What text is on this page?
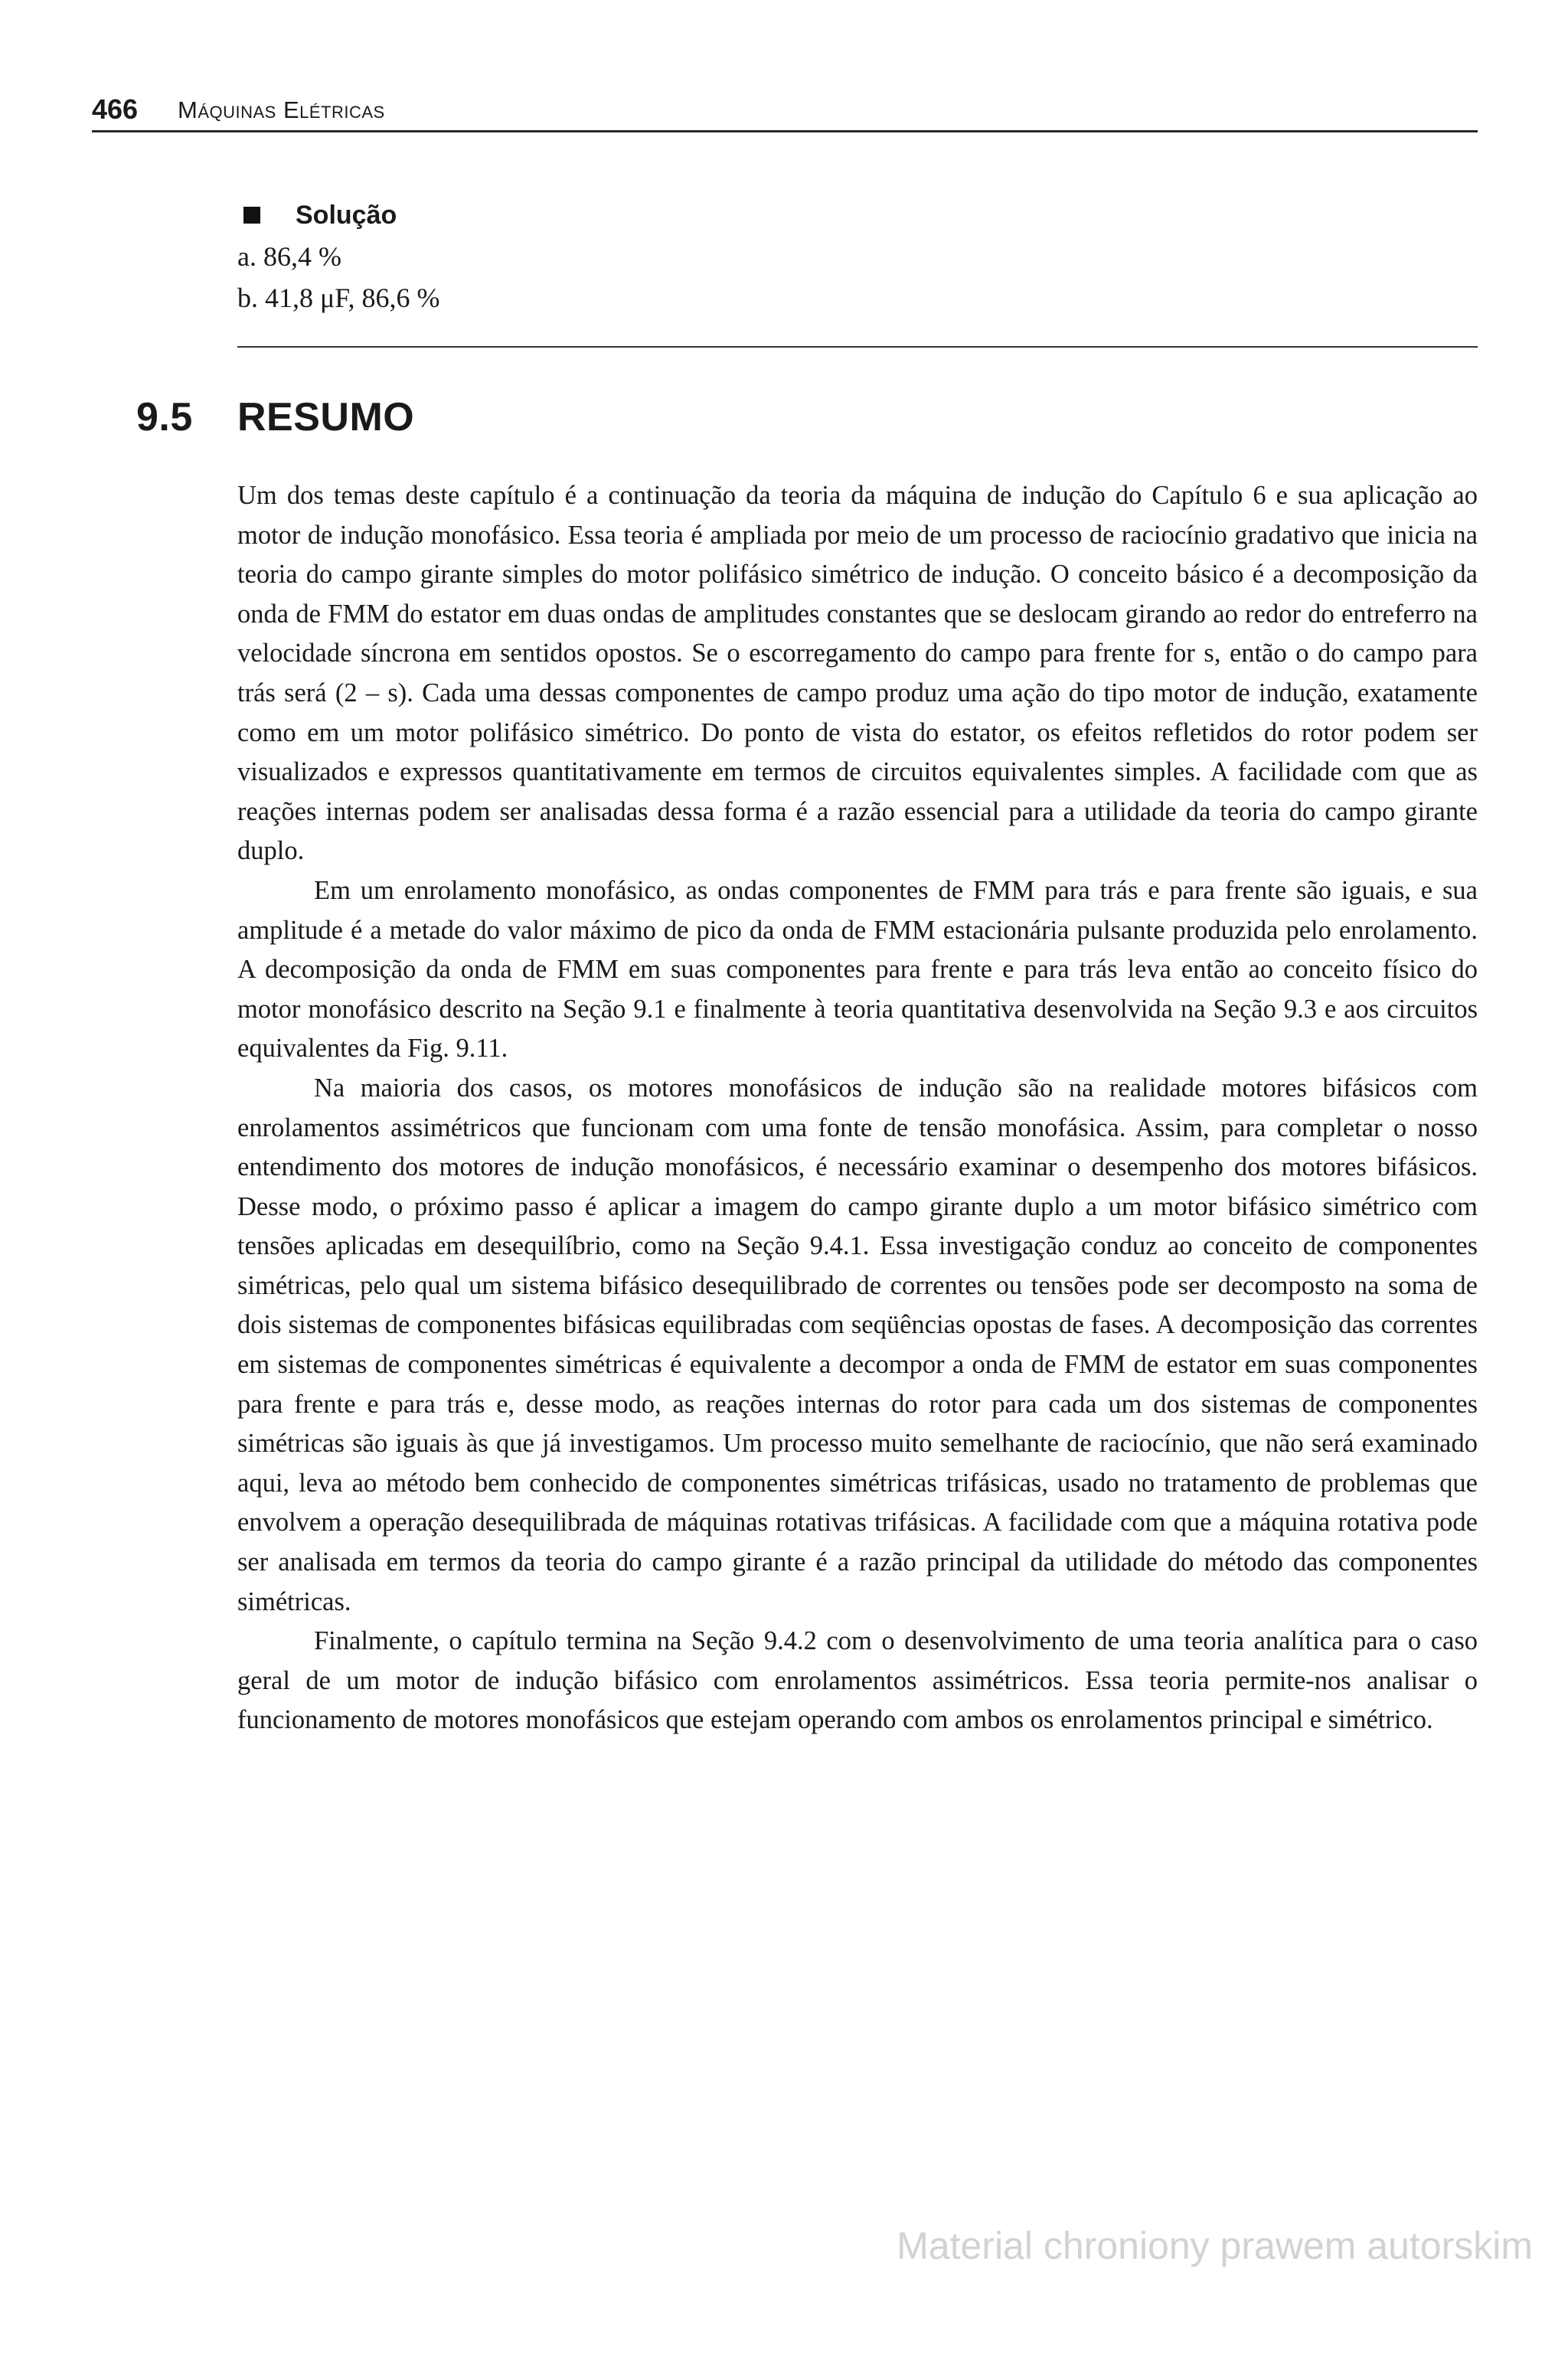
466 Máquinas Elétricas
Solução
a. 86,4 %
b. 41,8 μF, 86,6 %
9.5 RESUMO

Um dos temas deste capítulo é a continuação da teoria da máquina de indução do Capítulo 6 e sua aplicação ao motor de indução monofásico. Essa teoria é ampliada por meio de um processo de raciocínio gradativo que inicia na teoria do campo girante simples do motor polifásico simétrico de indução. O conceito básico é a decomposição da onda de FMM do estator em duas ondas de amplitudes constantes que se deslocam girando ao redor do entreferro na velocidade síncrona em sentidos opostos. Se o escorregamento do campo para frente for s, então o do campo para trás será (2 – s). Cada uma dessas componentes de campo produz uma ação do tipo motor de indução, exatamente como em um motor polifásico simétrico. Do ponto de vista do estator, os efeitos refletidos do rotor podem ser visualizados e expressos quantitativamente em termos de circuitos equivalentes simples. A facilidade com que as reações internas podem ser analisadas dessa forma é a razão essencial para a utilidade da teoria do campo girante duplo.

Em um enrolamento monofásico, as ondas componentes de FMM para trás e para frente são iguais, e sua amplitude é a metade do valor máximo de pico da onda de FMM estacionária pulsante produzida pelo enrolamento. A decomposição da onda de FMM em suas componentes para frente e para trás leva então ao conceito físico do motor monofásico descrito na Seção 9.1 e finalmente à teoria quantitativa desenvolvida na Seção 9.3 e aos circuitos equivalentes da Fig. 9.11.

Na maioria dos casos, os motores monofásicos de indução são na realidade motores bifásicos com enrolamentos assimétricos que funcionam com uma fonte de tensão monofásica. Assim, para completar o nosso entendimento dos motores de indução monofásicos, é necessário examinar o desempenho dos motores bifásicos. Desse modo, o próximo passo é aplicar a imagem do campo girante duplo a um motor bifásico simétrico com tensões aplicadas em desequilíbrio, como na Seção 9.4.1. Essa investigação conduz ao conceito de componentes simétricas, pelo qual um sistema bifásico desequilibrado de correntes ou tensões pode ser decomposto na soma de dois sistemas de componentes bifásicas equilibradas com seqüências opostas de fases. A decomposição das correntes em sistemas de componentes simétricas é equivalente a decompor a onda de FMM de estator em suas componentes para frente e para trás e, desse modo, as reações internas do rotor para cada um dos sistemas de componentes simétricas são iguais às que já investigamos. Um processo muito semelhante de raciocínio, que não será examinado aqui, leva ao método bem conhecido de componentes simétricas trifásicas, usado no tratamento de problemas que envolvem a operação desequilibrada de máquinas rotativas trifásicas. A facilidade com que a máquina rotativa pode ser analisada em termos da teoria do campo girante é a razão principal da utilidade do método das componentes simétricas.

Finalmente, o capítulo termina na Seção 9.4.2 com o desenvolvimento de uma teoria analítica para o caso geral de um motor de indução bifásico com enrolamentos assimétricos. Essa teoria permite-nos analisar o funcionamento de motores monofásicos que estejam operando com ambos os enrolamentos principal e simétrico.

Material chroniony prawem autorskim
